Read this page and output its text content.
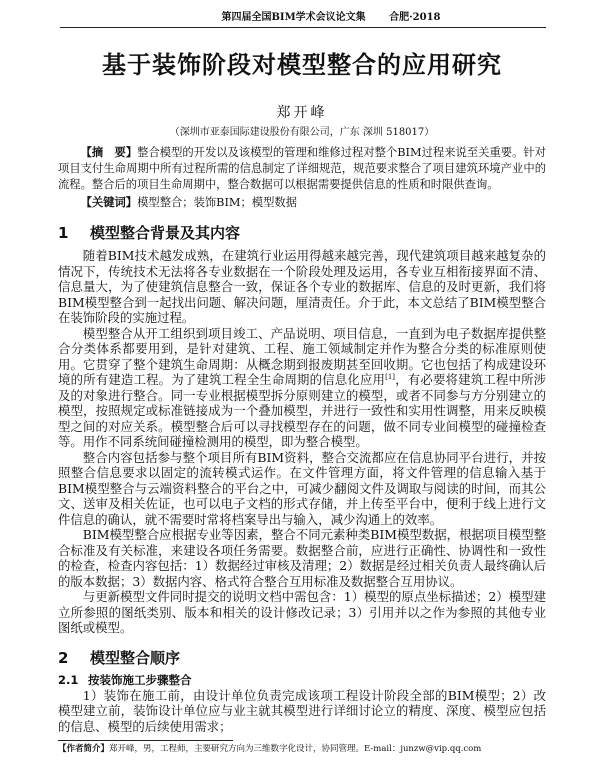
第四届全国BIM学术会议论文集 合肥·2018
基于装饰阶段对模型整合的应用研究
郑开峰
（深圳市亚泰国际建设股份有限公司，广东 深圳 518017）

【摘　要】整合模型的开发以及该模型的管理和维修过程对整个BIM过程来说至关重要。针对项目支付生命周期中所有过程所需的信息制定了详细规范，规范要求整合了项目建筑环境产业中的流程。整合后的项目生命周期中，整合数据可以根据需要提供信息的性质和时限供查询。

【关键词】模型整合；装饰BIM；模型数据
1 模型整合背景及其内容

随着BIM技术越发成熟，在建筑行业运用得越来越完善，现代建筑项目越来越复杂的情况下，传统技术无法将各专业数据在一个阶段处理及运用，各专业互相衔接界面不清、信息量大，为了使建筑信息整合一致，保证各个专业的数据库、信息的及时更新，我们将BIM模型整合到一起找出问题、解决问题，厘清责任。介于此，本文总结了BIM模型整合在装饰阶段的实施过程。

模型整合从开工组织到项目竣工、产品说明、项目信息，一直到为电子数据库提供整合分类体系都要用到，是针对建筑、工程、施工领域制定并作为整合分类的标准原则使用。它贯穿了整个建筑生命周期：从概念期到报废期甚至回收期。它也包括了构成建设环境的所有建造工程。为了建筑工程全生命周期的信息化应用[1]，有必要将建筑工程中所涉及的对象进行整合。同一专业根据模型拆分原则建立的模型，或者不同参与方分别建立的模型，按照规定或标准链接成为一个叠加模型，并进行一致性和实用性调整，用来反映模型之间的对应关系。模型整合后可以寻找模型存在的问题，做不同专业间模型的碰撞检查等。用作不同系统间碰撞检测用的模型，即为整合模型。

整合内容包括参与整个项目所有BIM资料，整合交流都应在信息协同平台进行，并按照整合信息要求以固定的流转模式运作。在文件管理方面，将文件管理的信息输入基于BIM模型整合与云端资料整合的平台之中，可减少翻阅文件及调取与阅读的时间，而其公文、送审及相关佐证，也可以电子文档的形式存储，并上传至平台中，便利于线上进行文件信息的确认，就不需要时常将档案导出与输入，减少沟通上的效率。

BIM模型整合应根据专业等因素，整合不同元素种类BIM模型数据，根据项目模型整合标准及有关标准，来建设各项任务需要。数据整合前，应进行正确性、协调性和一致性的检查，检查内容包括：1）数据经过审核及清理；2）数据是经过相关负责人最终确认后的版本数据；3）数据内容、格式符合整合互用标准及数据整合互用协议。

与更新模型文件同时提交的说明文档中需包含：1）模型的原点坐标描述；2）模型建立所参照的图纸类别、版本和相关的设计修改记录；3）引用并以之作为参照的其他专业图纸或模型。

2 模型整合顺序
2.1 按装饰施工步骤整合

1）装饰在施工前，由设计单位负责完成该项工程设计阶段全部的BIM模型；2）改模型建立前，装饰设计单位应与业主就其模型进行详细讨论立的精度、深度、模型应包括的信息、模型的后续使用需求；

【作者简介】郑开峰，男，工程师，主要研究方向为三维数字化设计，协同管理。E-mail：junzw@vip.qq.com
